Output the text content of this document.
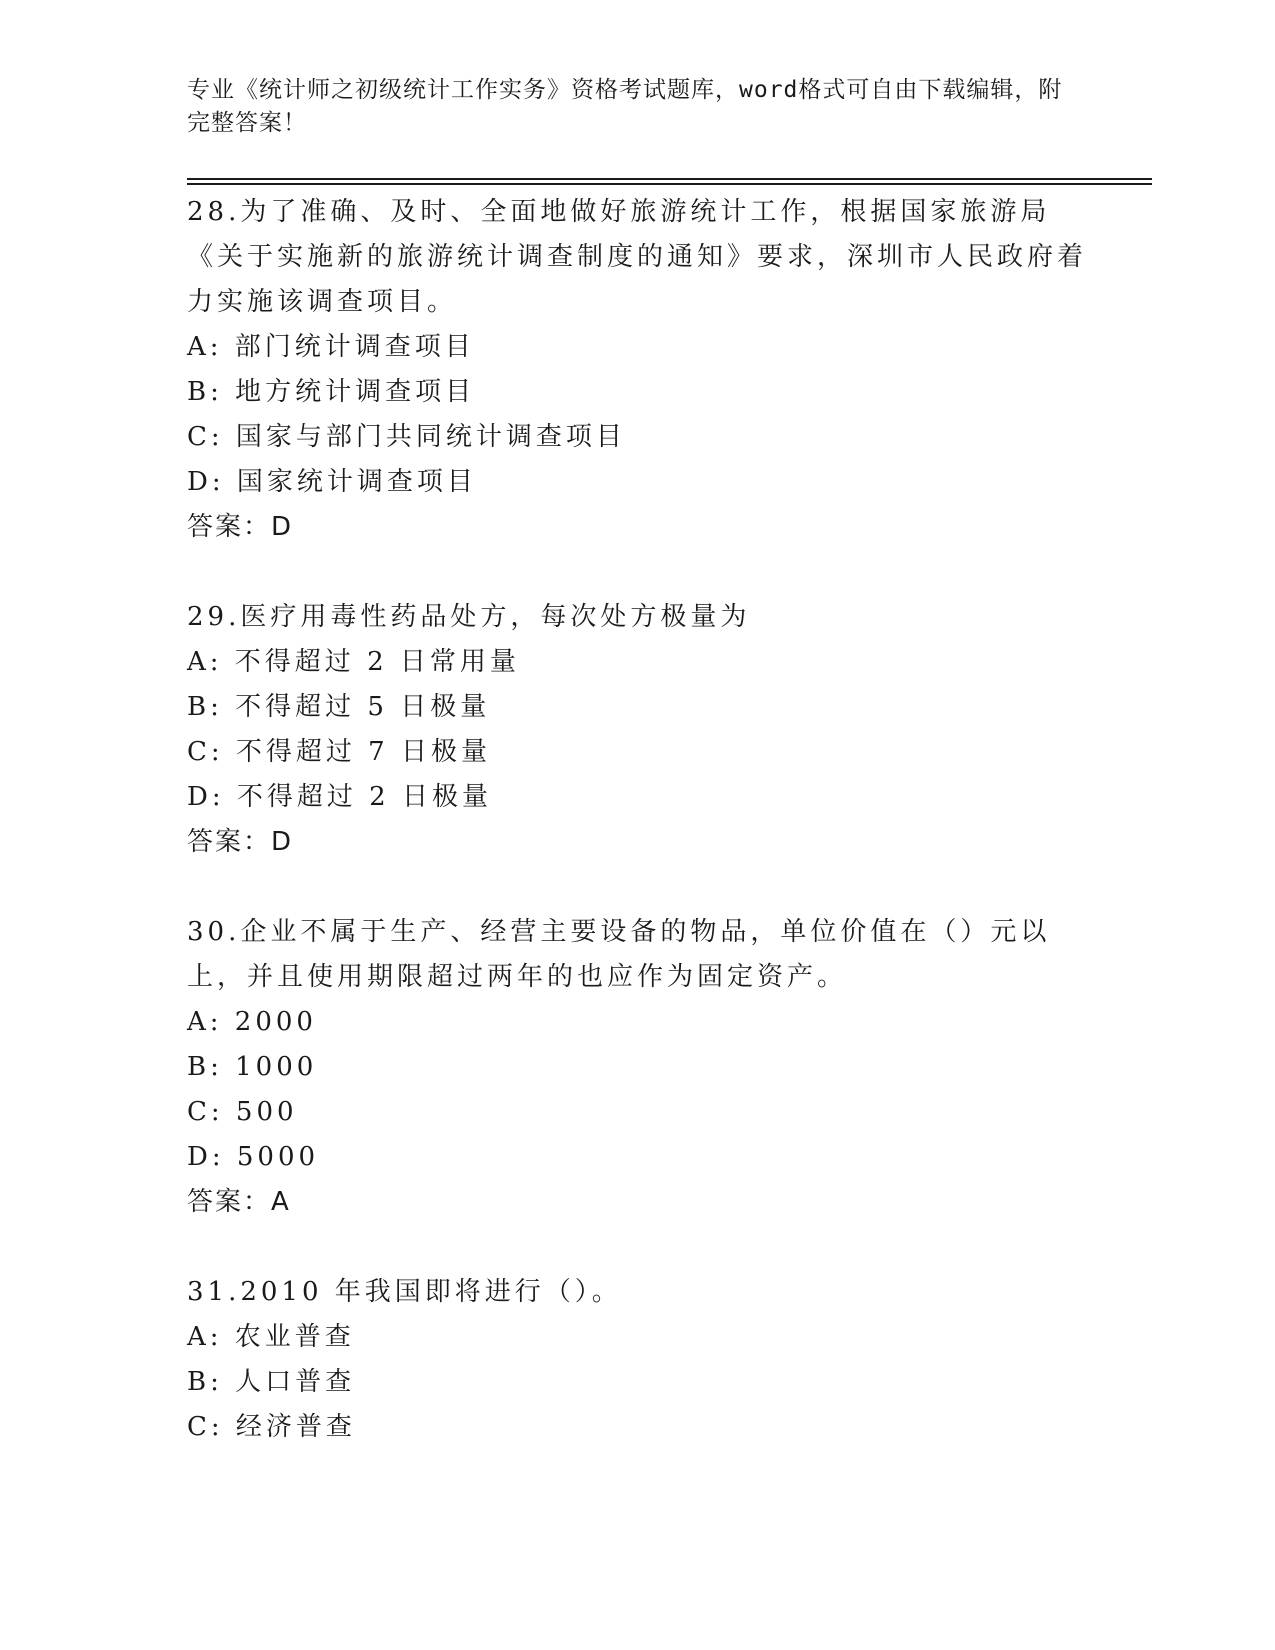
专业《统计师之初级统计工作实务》资格考试题库，word格式可自由下载编辑，附完整答案！

28.为了准确、及时、全面地做好旅游统计工作，根据国家旅游局《关于实施新的旅游统计调查制度的通知》要求，深圳市人民政府着力实施该调查项目。

A: 部门统计调查项目

B: 地方统计调查项目

C: 国家与部门共同统计调查项目

D: 国家统计调查项目

答案：D

29.医疗用毒性药品处方，每次处方极量为

A: 不得超过 2 日常用量

B: 不得超过 5 日极量

C: 不得超过 7 日极量

D: 不得超过 2 日极量

答案：D

30.企业不属于生产、经营主要设备的物品，单位价值在（）元以上，并且使用期限超过两年的也应作为固定资产。

A: 2000

B: 1000

C: 500

D: 5000

答案：A

31.2010 年我国即将进行（）。

A: 农业普查

B: 人口普查

C: 经济普查
